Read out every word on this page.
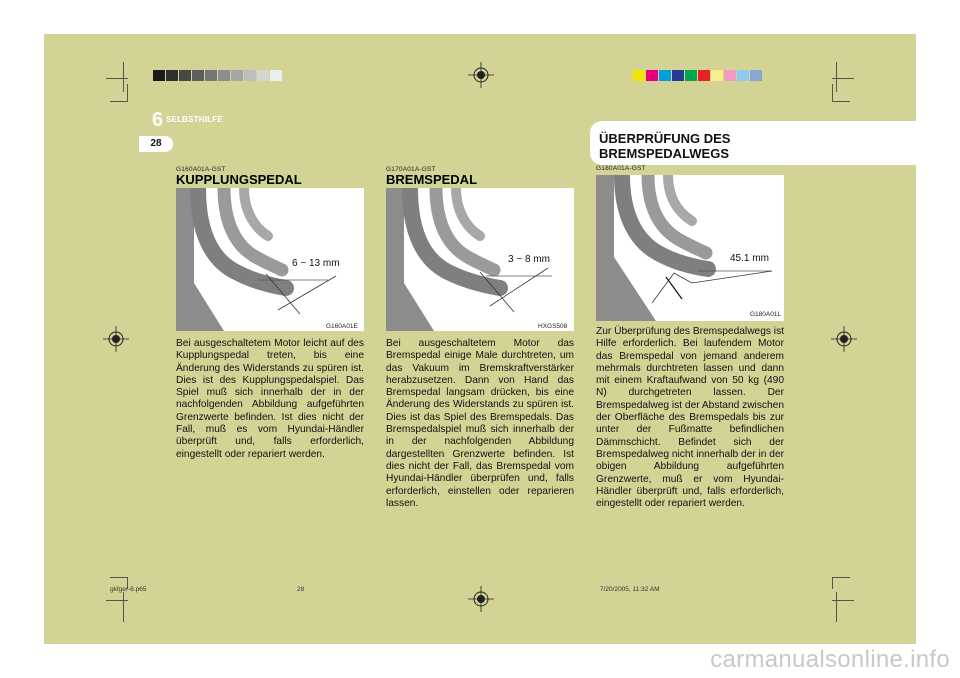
6 SELBSTHILFE
28	ÜBERPRÜFUNG DES
BREMSPEDALWEGS
G160A01A-GST
KUPPLUNGSPEDAL
6 ~ 13 mm
G160A01E

Bei ausgeschaltetem Motor leicht auf des Kupplungspedal treten, bis eine Änderung des Widerstands zu spüren ist. Dies ist des Kupplungspedalspiel. Das Spiel muß sich innerhalb der in der nachfolgenden Abbildung aufgeführten Grenzwerte befinden. Ist dies nicht der Fall, muß es vom Hyundai-Händler überprüft und, falls erforderlich, eingestellt oder repariert werden.

G170A01A-GST
BREMSPEDAL
3 ~ 8 mm
HXGS508

Bei ausgeschaltetem Motor das Bremspedal einige Male durchtreten, um das Vakuum im Bremskraftverstärker herabzusetzen. Dann von Hand das Bremspedal langsam drücken, bis eine Änderung des Widerstands zu spüren ist. Dies ist das Spiel des Bremspedals. Das Bremspedalspiel muß sich innerhalb der in der nachfolgenden Abbildung dargestellten Grenzwerte befinden. Ist dies nicht der Fall, das Bremspedal vom Hyundai-Händler überprüfen und, falls erforderlich, einstellen oder reparieren lassen.

G180A01A-GST
45.1 mm
G180A01L

Zur Überprüfung des Bremspedalwegs ist Hilfe erforderlich. Bei laufendem Motor das Bremspedal von jemand anderem mehrmals durchtreten lassen und dann mit einem Kraftaufwand von 50 kg (490 N) durchgetreten lassen. Der Bremspedalweg ist der Abstand zwischen der Oberfläche des Bremspedals bis zur unter der Fußmatte befindlichen Dämmschicht. Befindet sich der Bremspedalweg nicht innerhalb der in der obigen Abbildung aufgeführten Grenzwerte, muß er vom Hyundai-Händler überprüft und, falls erforderlich, eingestellt oder repariert werden.

gkfger-6.p65	28	7/20/2005, 11:32 AM
carmanualsonline.info
